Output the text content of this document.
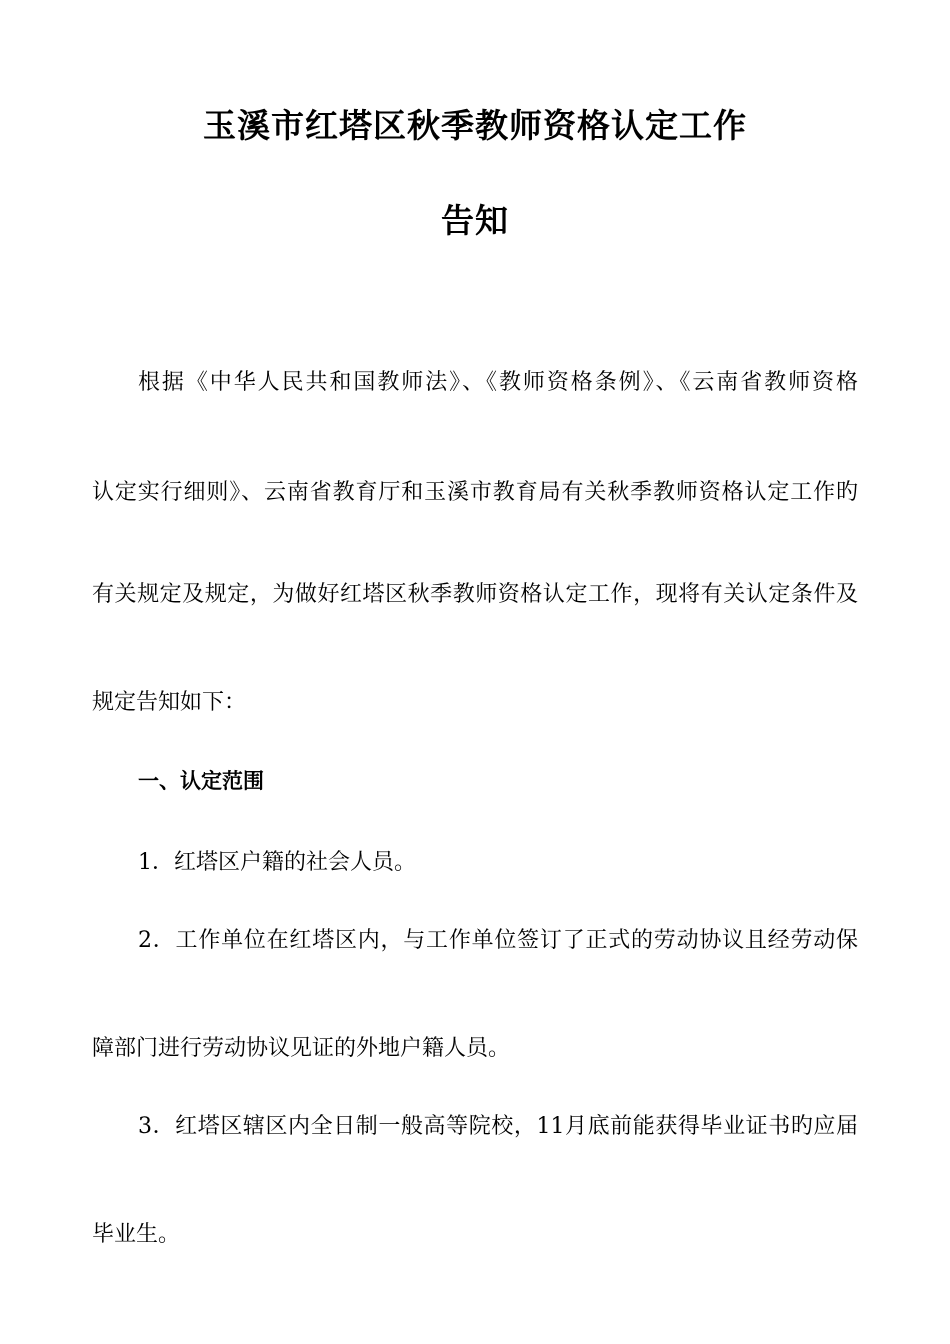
玉溪市红塔区秋季教师资格认定工作
告知
根据《中华人民共和国教师法》、《教师资格条例》、《云南省教师资格
认定实行细则》、云南省教育厅和玉溪市教育局有关秋季教师资格认定工作旳
有关规定及规定，为做好红塔区秋季教师资格认定工作，现将有关认定条件及
规定告知如下：
一、认定范围
1．红塔区户籍的社会人员。
2．工作单位在红塔区内，与工作单位签订了正式的劳动协议且经劳动保
障部门进行劳动协议见证的外地户籍人员。
3．红塔区辖区内全日制一般高等院校，11月底前能获得毕业证书旳应届
毕业生。
